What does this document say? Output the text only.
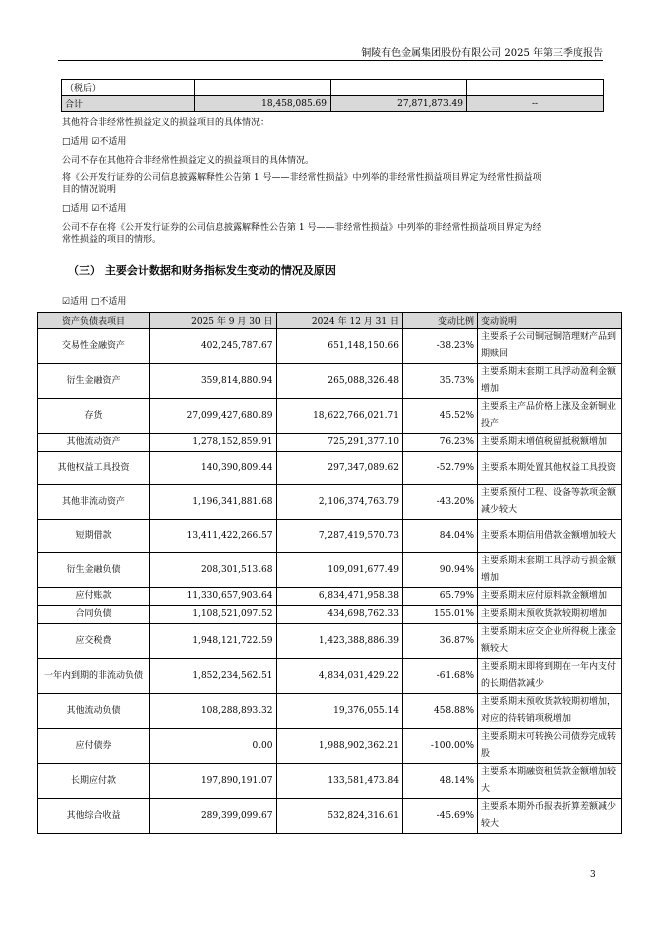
铜陵有色金属集团股份有限公司 2025 年第三季度报告
（税后）			
合计	18,458,085.69	27,871,873.49	--
其他符合非经常性损益定义的损益项目的具体情况：
□适用 ☑不适用
公司不存在其他符合非经常性损益定义的损益项目的具体情况。
将《公开发行证券的公司信息披露解释性公告第 1 号——非经常性损益》中列举的非经常性损益项目界定为经常性损益项
目的情况说明
□适用 ☑不适用
公司不存在将《公开发行证券的公司信息披露解释性公告第 1 号——非经常性损益》中列举的非经常性损益项目界定为经
常性损益的项目的情形。
（三） 主要会计数据和财务指标发生变动的情况及原因
☑适用 □不适用
资产负债表项目	2025 年 9 月 30 日	2024 年 12 月 31 日	变动比例	变动说明
交易性金融资产	402,245,787.67	651,148,150.66	-38.23%	主要系子公司铜冠铜箔理财产品到期赎回
衍生金融资产	359,814,880.94	265,088,326.48	35.73%	主要系期末套期工具浮动盈利金额增加
存货	27,099,427,680.89	18,622,766,021.71	45.52%	主要系主产品价格上涨及金新铜业投产
其他流动资产	1,278,152,859.91	725,291,377.10	76.23%	主要系期末增值税留抵税额增加
其他权益工具投资	140,390,809.44	297,347,089.62	-52.79%	主要系本期处置其他权益工具投资
其他非流动资产	1,196,341,881.68	2,106,374,763.79	-43.20%	主要系预付工程、设备等款项金额减少较大
短期借款	13,411,422,266.57	7,287,419,570.73	84.04%	主要系本期信用借款金额增加较大
衍生金融负债	208,301,513.68	109,091,677.49	90.94%	主要系期末套期工具浮动亏损金额增加
应付账款	11,330,657,903.64	6,834,471,958.38	65.79%	主要系期末应付原料款金额增加
合同负债	1,108,521,097.52	434,698,762.33	155.01%	主要系期末预收货款较期初增加
应交税费	1,948,121,722.59	1,423,388,886.39	36.87%	主要系期末应交企业所得税上涨金额较大
一年内到期的非流动负债	1,852,234,562.51	4,834,031,429.22	-61.68%	主要系期末即将到期在一年内支付的长期借款减少
其他流动负债	108,288,893.32	19,376,055.14	458.88%	主要系期末预收货款较期初增加，对应的待转销项税增加
应付债券	0.00	1,988,902,362.21	-100.00%	主要系期末可转换公司债券完成转股
长期应付款	197,890,191.07	133,581,473.84	48.14%	主要系本期融资租赁款金额增加较大
其他综合收益	289,399,099.67	532,824,316.61	-45.69%	主要系本期外币报表折算差额减少较大
3
